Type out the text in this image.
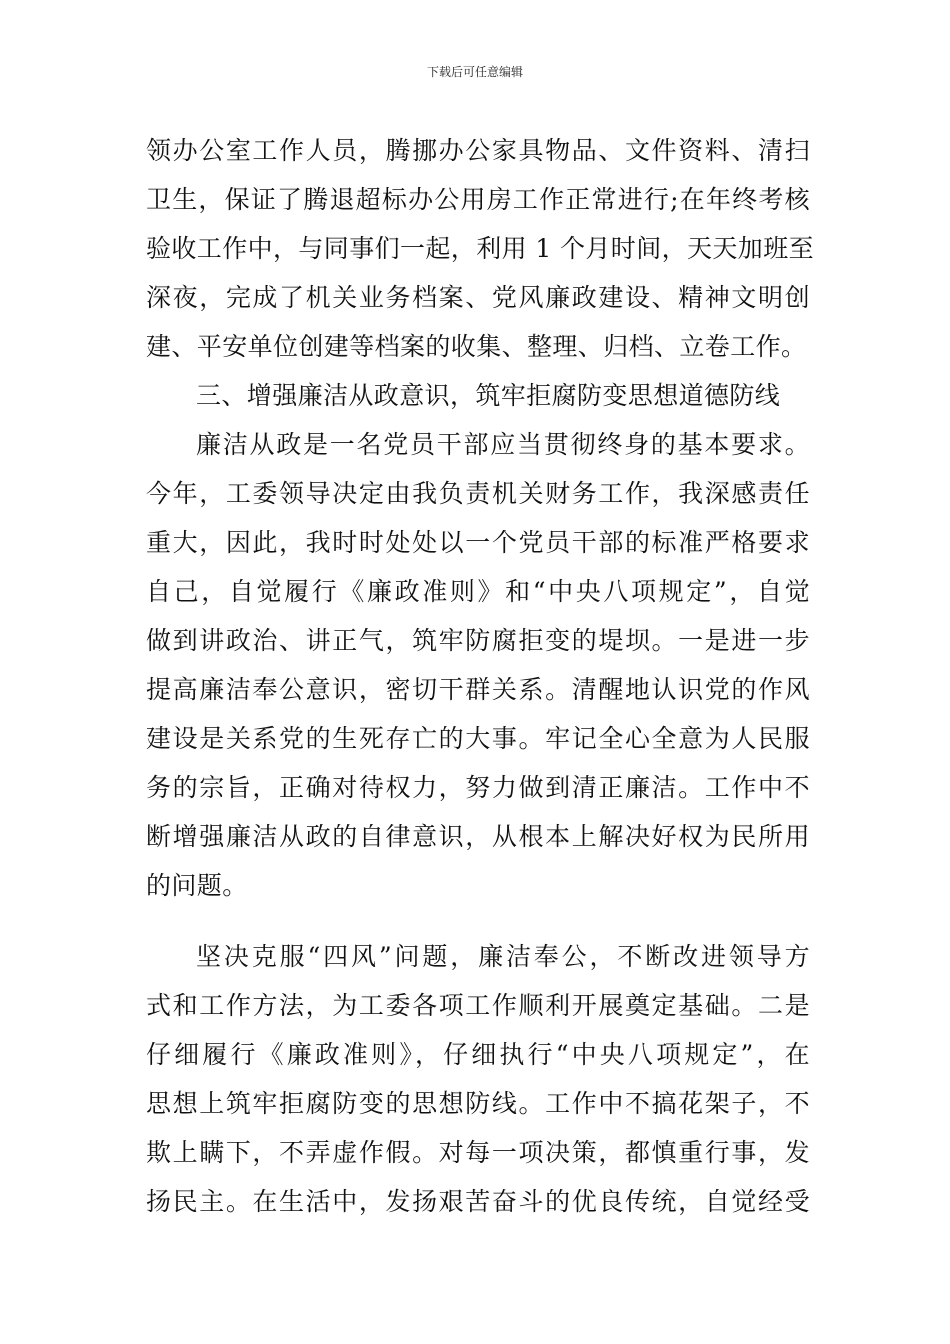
下载后可任意编辑
领办公室工作人员，腾挪办公家具物品、文件资料、清扫
卫生，保证了腾退超标办公用房工作正常进行;在年终考核
验收工作中，与同事们一起，利用 1 个月时间，天天加班至
深夜，完成了机关业务档案、党风廉政建设、精神文明创
建、平安单位创建等档案的收集、整理、归档、立卷工作。
三、增强廉洁从政意识，筑牢拒腐防变思想道德防线
廉洁从政是一名党员干部应当贯彻终身的基本要求。
今年，工委领导决定由我负责机关财务工作，我深感责任
重大，因此，我时时处处以一个党员干部的标准严格要求
自己，自觉履行《廉政准则》和“中央八项规定”，自觉
做到讲政治、讲正气，筑牢防腐拒变的堤坝。一是进一步
提高廉洁奉公意识，密切干群关系。清醒地认识党的作风
建设是关系党的生死存亡的大事。牢记全心全意为人民服
务的宗旨，正确对待权力，努力做到清正廉洁。工作中不
断增强廉洁从政的自律意识，从根本上解决好权为民所用
的问题。
坚决克服“四风”问题，廉洁奉公，不断改进领导方
式和工作方法，为工委各项工作顺利开展奠定基础。二是
仔细履行《廉政准则》，仔细执行“中央八项规定”，在
思想上筑牢拒腐防变的思想防线。工作中不搞花架子，不
欺上瞒下，不弄虚作假。对每一项决策，都慎重行事，发
扬民主。在生活中，发扬艰苦奋斗的优良传统，自觉经受
